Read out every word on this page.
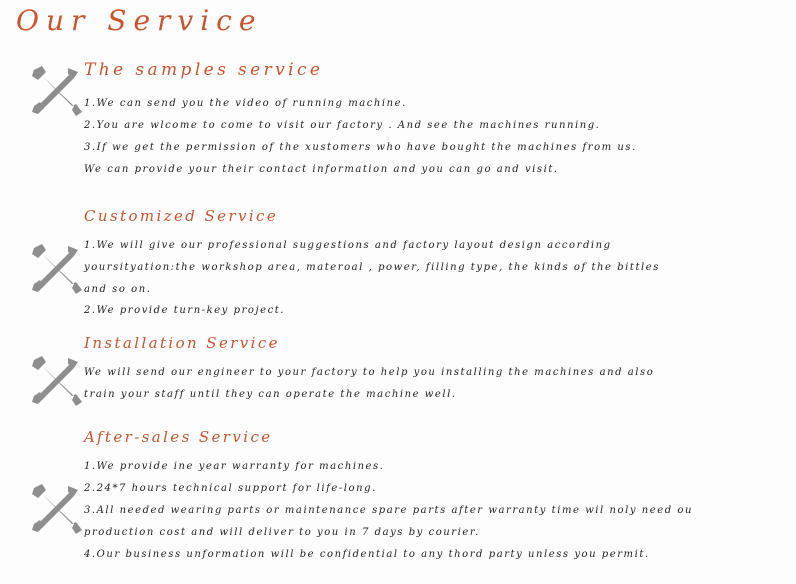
Our Service
The samples service
1.We can send you the video of running machine.
2.You are wlcome to come to visit our factory . And see the machines running.
3.If we get the permission of the xustomers who have bought the machines from us.
We can provide your their contact information and you can go and visit.
Customized Service
1.We will give our professional suggestions and factory layout design according
yoursityation:the workshop area, materoal , power, filling type, the kinds of the bittles
and so on.
2.We provide turn-key project.
Installation Service
We will send our engineer to your factory to help you installing the machines and also
train your staff until they can operate the machine well.
After-sales Service
1.We provide ine year warranty for machines.
2.24*7 hours technical support for life-long.
3.All needed wearing parts or maintenance spare parts after warranty time wil noly need ou
production cost and will deliver to you in 7 days by courier.
4.Our business unformation will be confidential to any thord party unless you permit.
